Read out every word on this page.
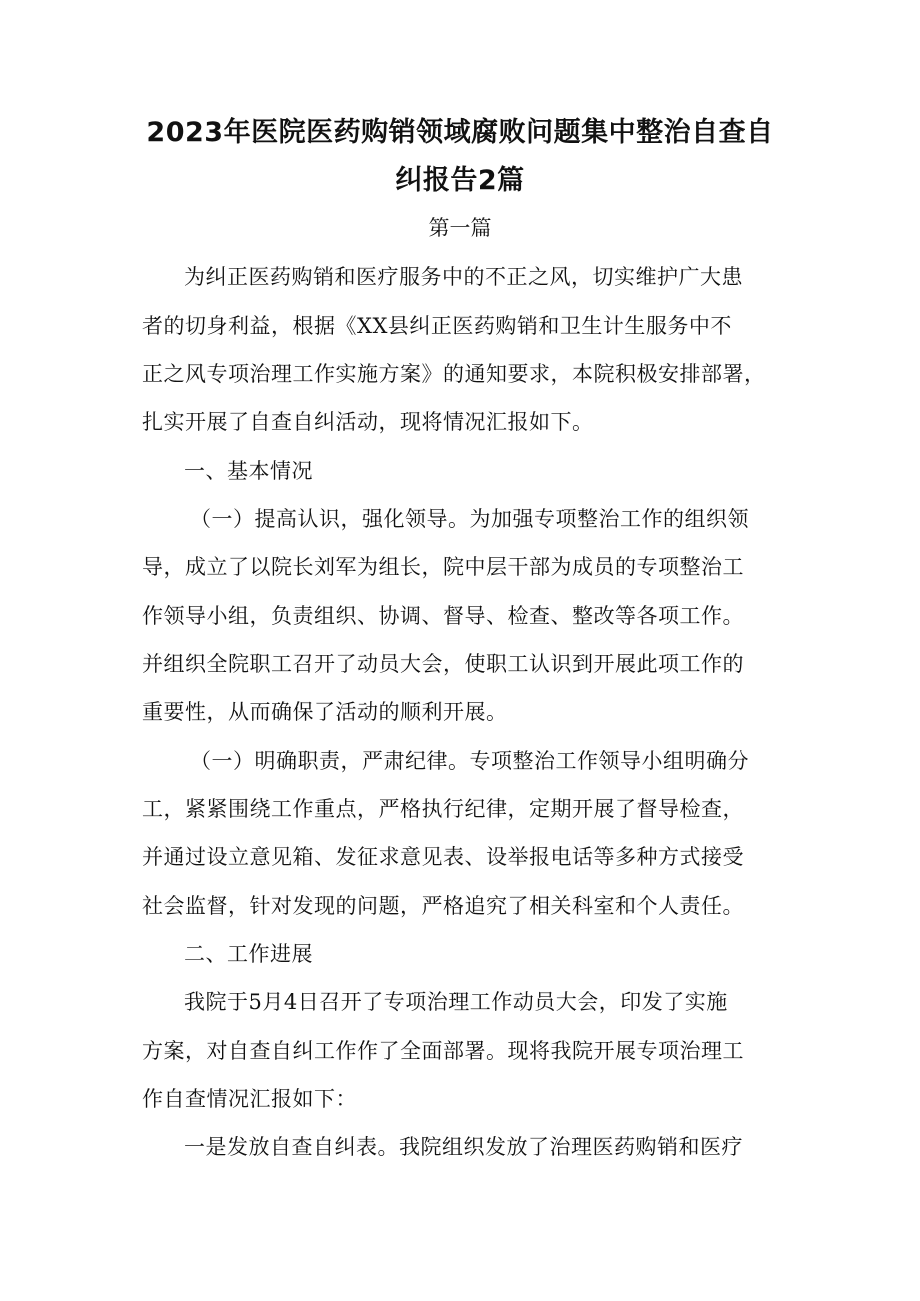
2023年医院医药购销领域腐败问题集中整治自查自
纠报告2篇
第一篇
为纠正医药购销和医疗服务中的不正之风，切实维护广大患
者的切身利益，根据《XX县纠正医药购销和卫生计生服务中不
正之风专项治理工作实施方案》的通知要求，本院积极安排部署，
扎实开展了自查自纠活动，现将情况汇报如下。
一、基本情况
（一）提高认识，强化领导。为加强专项整治工作的组织领
导，成立了以院长刘军为组长，院中层干部为成员的专项整治工
作领导小组，负责组织、协调、督导、检查、整改等各项工作。
并组织全院职工召开了动员大会，使职工认识到开展此项工作的
重要性，从而确保了活动的顺利开展。
（一）明确职责，严肃纪律。专项整治工作领导小组明确分
工，紧紧围绕工作重点，严格执行纪律，定期开展了督导检查，
并通过设立意见箱、发征求意见表、设举报电话等多种方式接受
社会监督，针对发现的问题，严格追究了相关科室和个人责任。
二、工作进展
我院于5月4日召开了专项治理工作动员大会，印发了实施
方案，对自查自纠工作作了全面部署。现将我院开展专项治理工
作自查情况汇报如下：
一是发放自查自纠表。我院组织发放了治理医药购销和医疗
